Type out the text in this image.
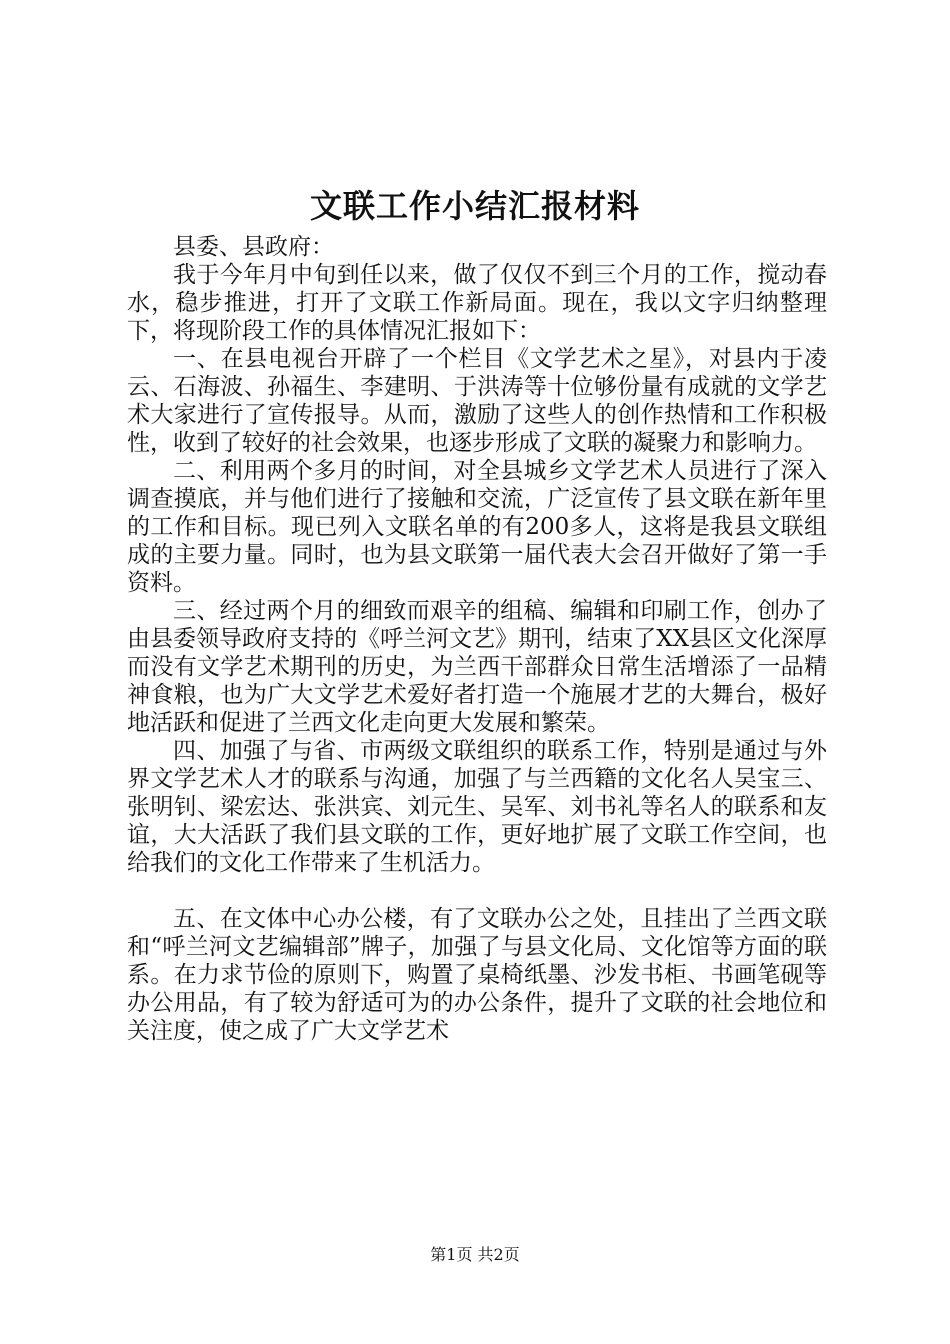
文联工作小结汇报材料

县委、县政府：

我于今年月中旬到任以来，做了仅仅不到三个月的工作，搅动春水，稳步推进，打开了文联工作新局面。现在，我以文字归纳整理下，将现阶段工作的具体情况汇报如下：

一、在县电视台开辟了一个栏目《文学艺术之星》，对县内于凌云、石海波、孙福生、李建明、于洪涛等十位够份量有成就的文学艺术大家进行了宣传报导。从而，激励了这些人的创作热情和工作积极性，收到了较好的社会效果，也逐步形成了文联的凝聚力和影响力。

二、利用两个多月的时间，对全县城乡文学艺术人员进行了深入调查摸底，并与他们进行了接触和交流，广泛宣传了县文联在新年里的工作和目标。现已列入文联名单的有200多人，这将是我县文联组成的主要力量。同时，也为县文联第一届代表大会召开做好了第一手资料。

三、经过两个月的细致而艰辛的组稿、编辑和印刷工作，创办了由县委领导政府支持的《呼兰河文艺》期刊，结束了XX县区文化深厚而没有文学艺术期刊的历史，为兰西干部群众日常生活增添了一品精神食粮，也为广大文学艺术爱好者打造一个施展才艺的大舞台，极好地活跃和促进了兰西文化走向更大发展和繁荣。

四、加强了与省、市两级文联组织的联系工作，特别是通过与外界文学艺术人才的联系与沟通，加强了与兰西籍的文化名人吴宝三、张明钊、梁宏达、张洪宾、刘元生、吴军、刘书礼等名人的联系和友谊，大大活跃了我们县文联的工作，更好地扩展了文联工作空间，也给我们的文化工作带来了生机活力。

五、在文体中心办公楼，有了文联办公之处，且挂出了兰西文联和“呼兰河文艺编辑部”牌子，加强了与县文化局、文化馆等方面的联系。在力求节俭的原则下，购置了桌椅纸墨、沙发书柜、书画笔砚等办公用品，有了较为舒适可为的办公条件，提升了文联的社会地位和关注度，使之成了广大文学艺术

第1页 共2页
